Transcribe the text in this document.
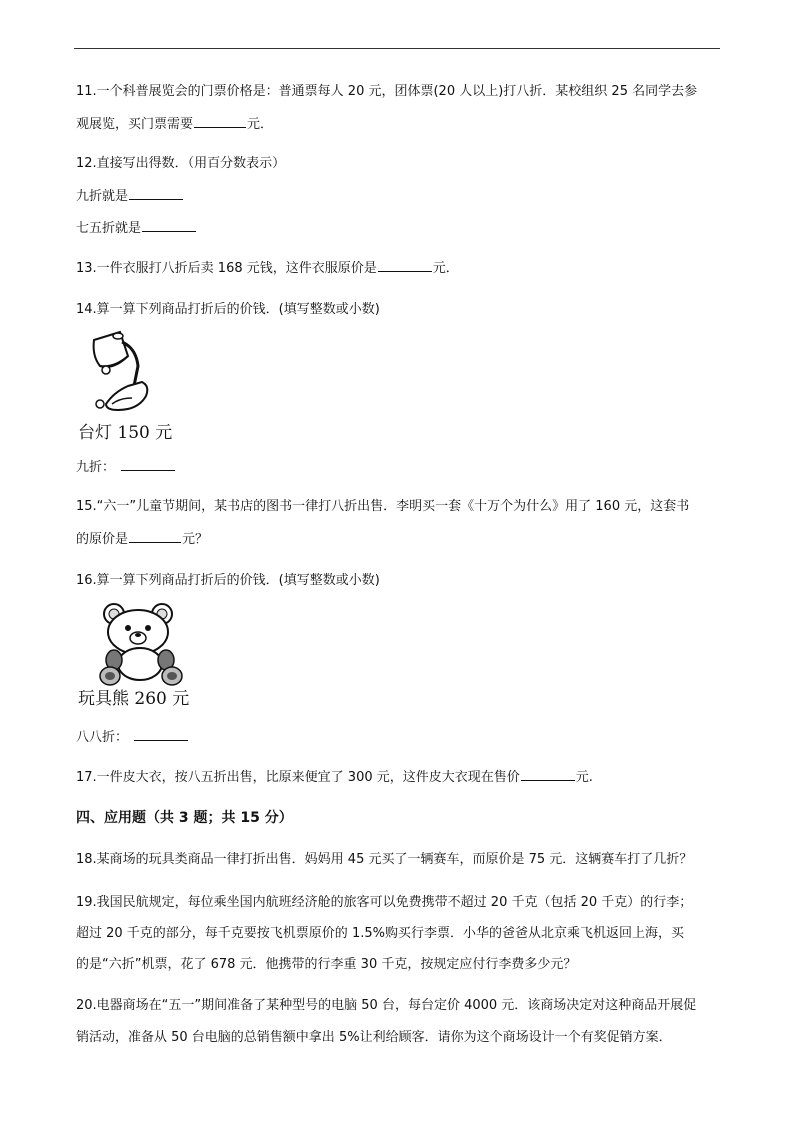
11.一个科普展览会的门票价格是：普通票每人 20 元，团体票(20 人以上)打八折．某校组织 25 名同学去参
观展览，买门票需要	元．
12.直接写出得数．（用百分数表示）
九折就是
七五折就是
13.一件衣服打八折后卖 168 元钱，这件衣服原价是	元．
14.算一算下列商品打折后的价钱．(填写整数或小数)
台灯 150 元
九折：
15.“六一”儿童节期间，某书店的图书一律打八折出售．李明买一套《十万个为什么》用了 160 元，这套书
的原价是	元？
16.算一算下列商品打折后的价钱．(填写整数或小数)
玩具熊 260 元
八八折：
17.一件皮大衣，按八五折出售，比原来便宜了 300 元，这件皮大衣现在售价	元.
四、应用题（共 3 题；共 15 分）
18.某商场的玩具类商品一律打折出售．妈妈用 45 元买了一辆赛车，而原价是 75 元．这辆赛车打了几折？
19.我国民航规定，每位乘坐国内航班经济舱的旅客可以免费携带不超过 20 千克（包括 20 千克）的行李；
超过 20 千克的部分，每千克要按飞机票原价的 1.5%购买行李票．小华的爸爸从北京乘飞机返回上海，买
的是“六折”机票，花了 678 元．他携带的行李重 30 千克，按规定应付行李费多少元？
20.电器商场在“五一”期间准备了某种型号的电脑 50 台，每台定价 4000 元．该商场决定对这种商品开展促
销活动，准备从 50 台电脑的总销售额中拿出 5%让利给顾客．请你为这个商场设计一个有奖促销方案．
